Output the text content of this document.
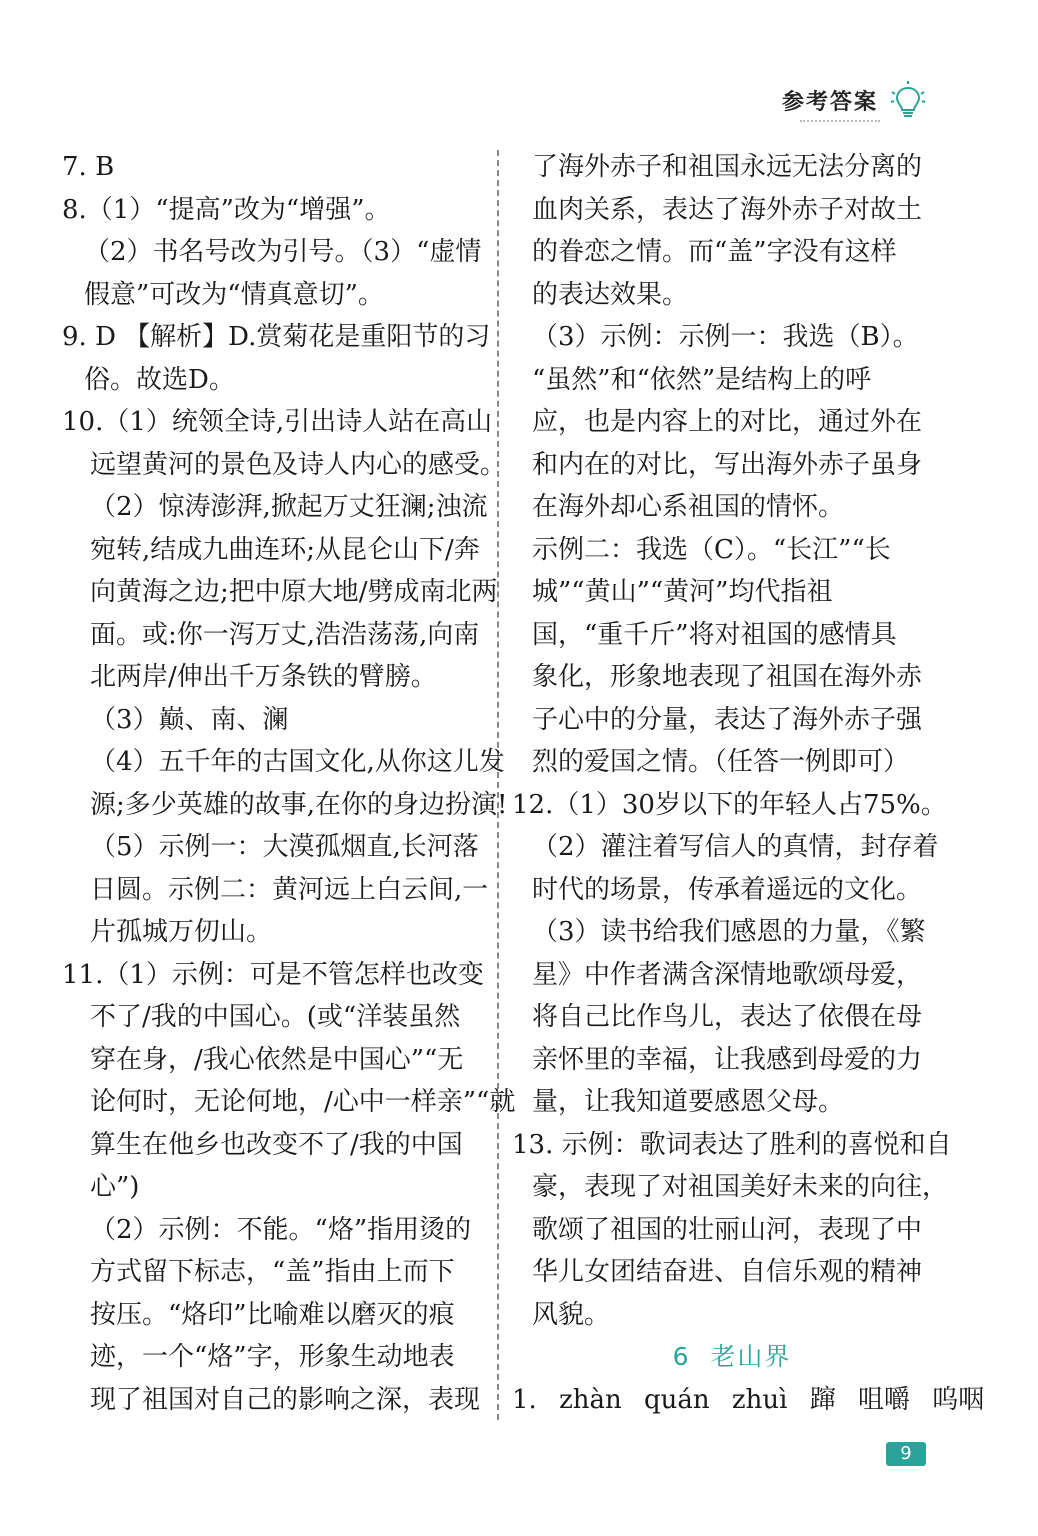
参考答案
7. B
8.（1）“提高”改为“增强”。
（2）书名号改为引号。（3）“虚情
假意”可改为“情真意切”。
9. D 【解析】D.赏菊花是重阳节的习
俗。故选D。
10.（1）统领全诗,引出诗人站在高山
远望黄河的景色及诗人内心的感受。
（2）惊涛澎湃,掀起万丈狂澜;浊流
宛转,结成九曲连环;从昆仑山下/奔
向黄海之边;把中原大地/劈成南北两
面。或:你一泻万丈,浩浩荡荡,向南
北两岸/伸出千万条铁的臂膀。
（3）巅、南、澜
（4）五千年的古国文化,从你这儿发
源;多少英雄的故事,在你的身边扮演!
（5）示例一：大漠孤烟直,长河落
日圆。示例二：黄河远上白云间,一
片孤城万仞山。
11.（1）示例：可是不管怎样也改变
不了/我的中国心。(或“洋装虽然
穿在身，/我心依然是中国心”“无
论何时，无论何地，/心中一样亲”“就
算生在他乡也改变不了/我的中国
心”)
（2）示例：不能。“烙”指用烫的
方式留下标志，“盖”指由上而下
按压。“烙印”比喻难以磨灭的痕
迹，一个“烙”字，形象生动地表
现了祖国对自己的影响之深，表现
了海外赤子和祖国永远无法分离的
血肉关系，表达了海外赤子对故土
的眷恋之情。而“盖”字没有这样
的表达效果。
（3）示例：示例一：我选（B）。
“虽然”和“依然”是结构上的呼
应，也是内容上的对比，通过外在
和内在的对比，写出海外赤子虽身
在海外却心系祖国的情怀。
示例二：我选（C）。“长江”“长
城”“黄山”“黄河”均代指祖
国，“重千斤”将对祖国的感情具
象化，形象地表现了祖国在海外赤
子心中的分量，表达了海外赤子强
烈的爱国之情。（任答一例即可）
12.（1）30岁以下的年轻人占75%。
（2）灌注着写信人的真情，封存着
时代的场景，传承着遥远的文化。
（3）读书给我们感恩的力量，《繁
星》中作者满含深情地歌颂母爱，
将自己比作鸟儿，表达了依偎在母
亲怀里的幸福，让我感到母爱的力
量，让我知道要感恩父母。
13. 示例：歌词表达了胜利的喜悦和自
豪，表现了对祖国美好未来的向往，
歌颂了祖国的壮丽山河，表现了中
华儿女团结奋进、自信乐观的精神
风貌。
6 老山界
1. zhàn quán zhuì 蹿 咀嚼 呜咽
9
